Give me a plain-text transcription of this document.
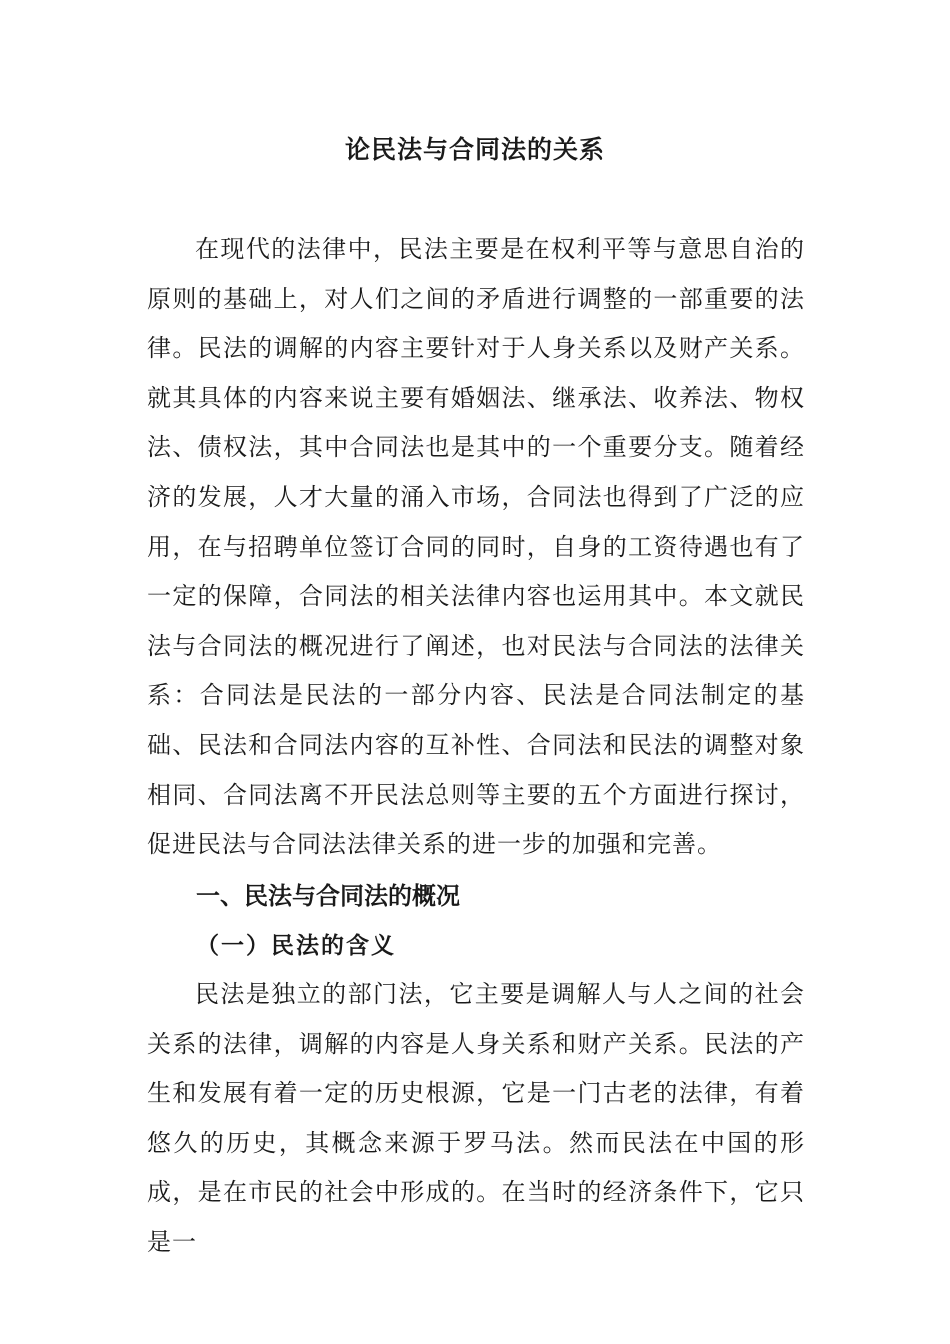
论民法与合同法的关系

在现代的法律中，民法主要是在权利平等与意思自治的原则的基础上，对人们之间的矛盾进行调整的一部重要的法律。民法的调解的内容主要针对于人身关系以及财产关系。就其具体的内容来说主要有婚姻法、继承法、收养法、物权法、债权法，其中合同法也是其中的一个重要分支。随着经济的发展，人才大量的涌入市场，合同法也得到了广泛的应用，在与招聘单位签订合同的同时，自身的工资待遇也有了一定的保障，合同法的相关法律内容也运用其中。本文就民法与合同法的概况进行了阐述，也对民法与合同法的法律关系：合同法是民法的一部分内容、民法是合同法制定的基础、民法和合同法内容的互补性、合同法和民法的调整对象相同、合同法离不开民法总则等主要的五个方面进行探讨，促进民法与合同法法律关系的进一步的加强和完善。

一、民法与合同法的概况
（一）民法的含义

民法是独立的部门法，它主要是调解人与人之间的社会关系的法律，调解的内容是人身关系和财产关系。民法的产生和发展有着一定的历史根源，它是一门古老的法律，有着悠久的历史，其概念来源于罗马法。然而民法在中国的形成，是在市民的社会中形成的。在当时的经济条件下，它只是一
